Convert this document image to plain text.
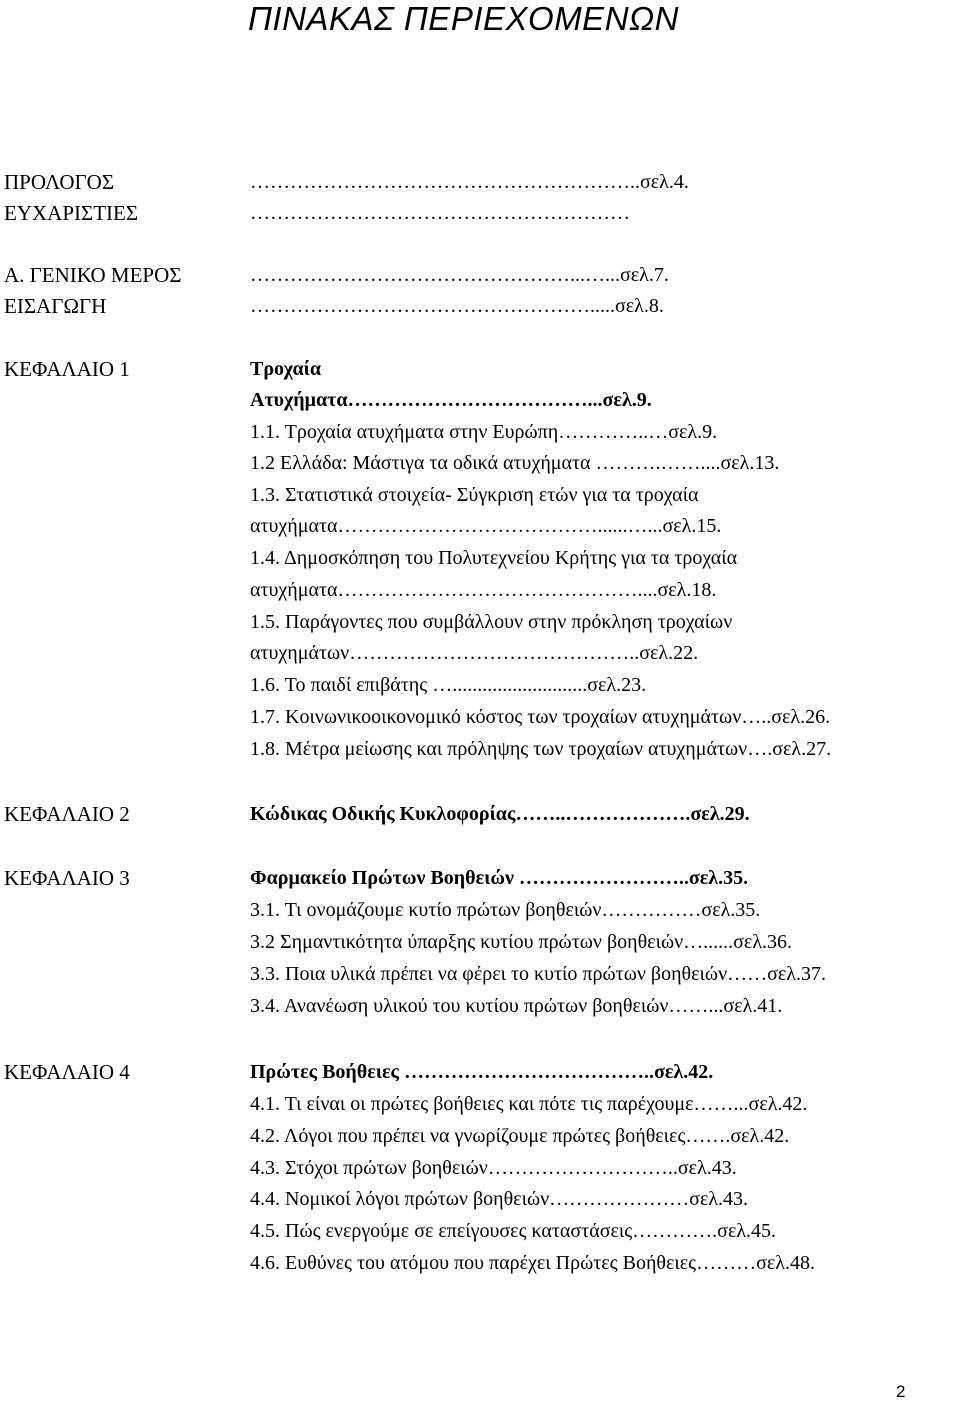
ΠΙΝΑΚΑΣ ΠΕΡΙΕΧΟΜΕΝΩΝ
ΠΡΟΛΟΓΟΣ
ΕΥΧΑΡΙΣΤΙΕΣ
Α. ΓΕΝΙΚΟ ΜΕΡΟΣ
ΕΙΣΑΓΩΓΗ
ΚΕΦΑΛΑΙΟ 1
ΚΕΦΑΛΑΙΟ 2
ΚΕΦΑΛΑΙΟ 3
ΚΕΦΑΛΑΙΟ 4
…………………………………………………..σελ.4.
…………………………………………………
…………………………………………...…...σελ.7.
…………………………………………….....σελ.8.
Τροχαία
Ατυχήματα………………………………...σελ.9.
1.1. Τροχαία ατυχήματα στην Ευρώπη…………..…σελ.9.
1.2 Ελλάδα: Μάστιγα τα οδικά ατυχήματα ……….……....σελ.13.
1.3. Στατιστικά στοιχεία- Σύγκριση ετών για τα τροχαία
ατυχήματα…………………………………......…...σελ.15.
1.4. Δημοσκόπηση του Πολυτεχνείου Κρήτης για τα τροχαία
ατυχήματα………………………………………....σελ.18.
1.5. Παράγοντες που συμβάλλουν στην πρόκληση τροχαίων
ατυχημάτων……………………………………..σελ.22.
1.6. Το παιδί επιβάτης …...........................σελ.23.
1.7. Κοινωνικοοικονομικό κόστος των τροχαίων ατυχημάτων…..σελ.26.
1.8. Μέτρα μείωσης και πρόληψης των τροχαίων ατυχημάτων….σελ.27.
Κώδικας Οδικής Κυκλοφορίας……..……………….σελ.29.
Φαρμακείο Πρώτων Βοηθειών ……………………..σελ.35.
3.1. Τι ονομάζουμε κυτίο πρώτων βοηθειών……………σελ.35.
3.2 Σημαντικότητα ύπαρξης κυτίου πρώτων βοηθειών…......σελ.36.
3.3. Ποια υλικά πρέπει να φέρει το κυτίο πρώτων βοηθειών……σελ.37.
3.4. Ανανέωση υλικού του κυτίου πρώτων βοηθειών……...σελ.41.
Πρώτες Βοήθειες ………………………………..σελ.42.
4.1. Τι είναι οι πρώτες βοήθειες και πότε τις παρέχουμε……...σελ.42.
4.2. Λόγοι που πρέπει να γνωρίζουμε πρώτες βοήθειες…….σελ.42.
4.3. Στόχοι πρώτων βοηθειών………………………..σελ.43.
4.4. Νομικοί λόγοι πρώτων βοηθειών…………………σελ.43.
4.5. Πώς ενεργούμε σε επείγουσες καταστάσεις………….σελ.45.
4.6. Ευθύνες του ατόμου που παρέχει Πρώτες Βοήθειες………σελ.48.
2
